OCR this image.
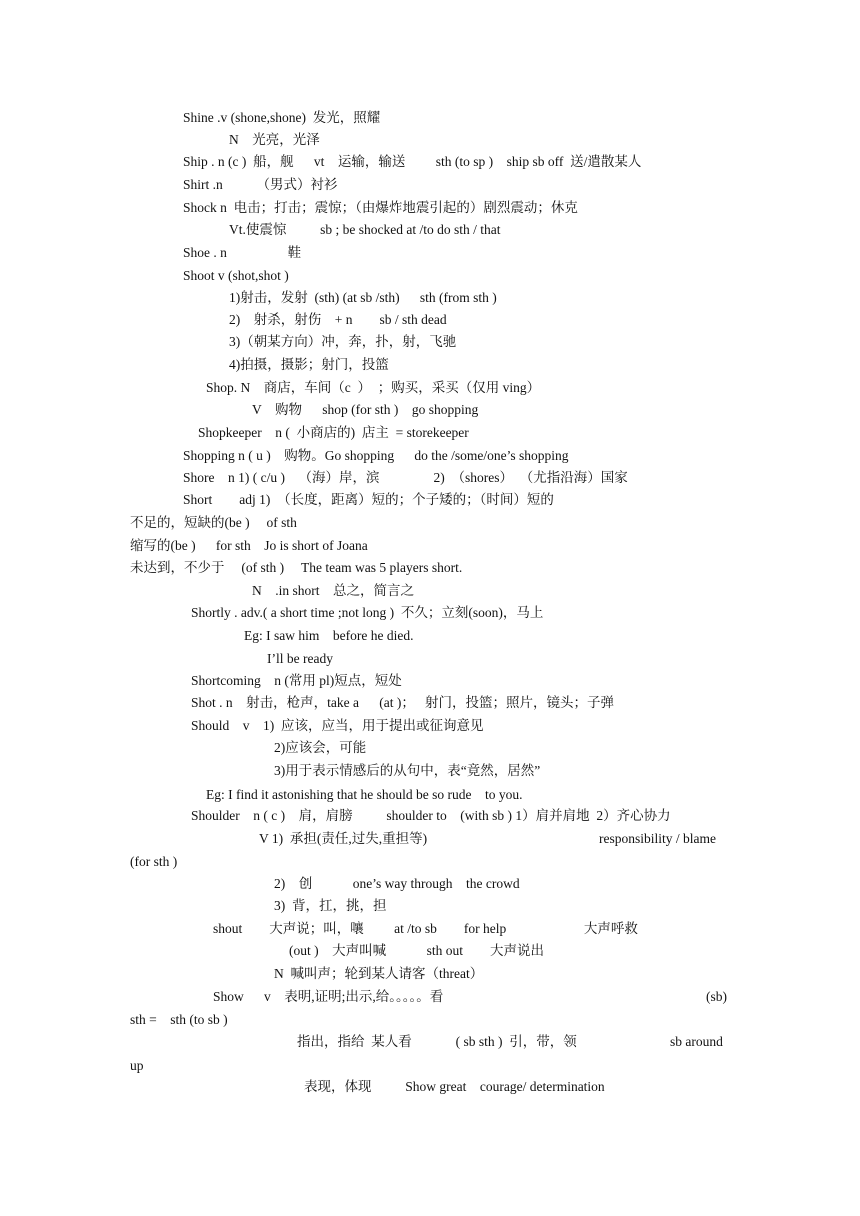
Shine .v (shone,shone)  发光，照耀
N    光亮，光泽
Ship . n (c )  船，舰      vt    运输，输送         sth (to sp )    ship sb off  送/遣散某人
Shirt .n          （男式）衬衫
Shock n  电击；打击；震惊；（由爆炸地震引起的）剧烈震动；休克
Vt.使震惊          sb ; be shocked at /to do sth / that
Shoe . n                  鞋
Shoot v (shot,shot )
1)射击，发射  (sth) (at sb /sth)      sth (from sth )
2)    射杀，射伤    + n        sb / sth dead
3)（朝某方向）冲，奔，扑，射，飞驰
4)拍摄，摄影；射门，投篮
Shop. N    商店，车间（c  ）  ；购买，采买（仅用 ving）
V    购物      shop (for sth )    go shopping
Shopkeeper    n (  小商店的)  店主  = storekeeper
Shopping n ( u )    购物。Go shopping      do the /some/one’s shopping
Shore    n 1) ( c/u )    （海）岸，滨                2)  （shores）  （尤指沿海）国家
Short        adj 1)  （长度，距离）短的；个子矮的；（时间）短的
不足的，短缺的(be )     of sth
缩写的(be )      for sth    Jo is short of Joana
未达到，不少于     (of sth )     The team was 5 players short.
N    .in short    总之，简言之
Shortly . adv.( a short time ;not long )  不久；立刻(soon)，马上
Eg: I saw him    before he died.
I’ll be ready
Shortcoming    n (常用 pl)短点，短处
Shot . n    射击，枪声，take a      (at )；   射门，投篮；照片，镜头；子弹
Should    v    1)  应该，应当，用于提出或征询意见
2)应该会，可能
3)用于表示情感后的从句中，表“竟然，居然”
Eg: I find it astonishing that he should be so rude    to you.
Shoulder    n ( c )    肩，肩膀          shoulder to    (with sb ) 1）肩并肩地  2）齐心协力
V 1)  承担(责任,过失,重担等)	responsibility / blame
(for sth )
2)    创            one’s way through    the crowd
3)  背，扛，挑，担
shout        大声说；叫，嚷         at /to sb        for help                       大声呼救
(out )    大声叫喊            sth out        大声说出
N  喊叫声；轮到某人请客（threat）
Show      v    表明,证明;出示,给。。。。。看	(sb)
sth =    sth (to sb )
指出，指给  某人看             ( sb sth )  引，带，领	sb around
up
表现，体现          Show great    courage/ determination
